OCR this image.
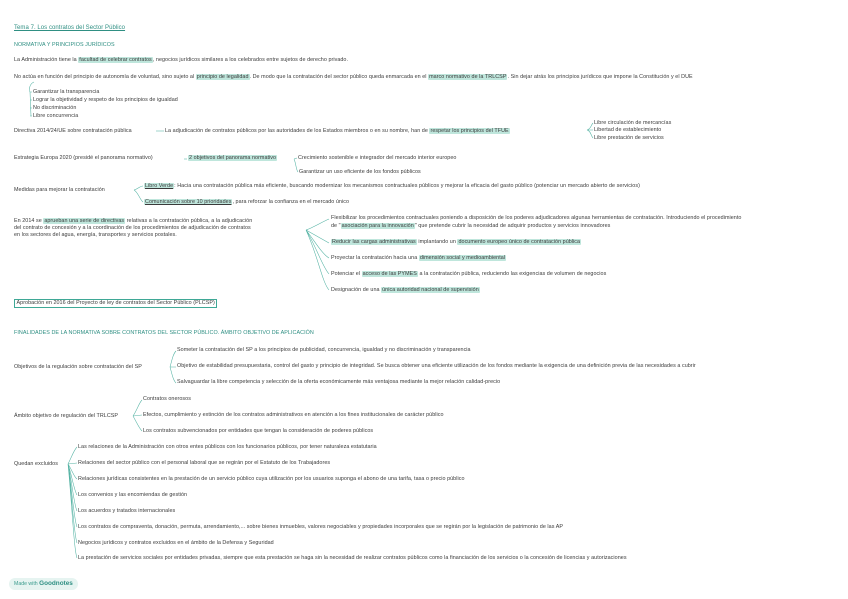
Tema 7. Los contratos del Sector Público
NORMATIVA Y PRINCIPIOS JURÍDICOS
La Administración tiene la facultad de celebrar contratos, negocios jurídicos similares a los celebrados entre sujetos de derecho privado.
No actúa en función del principio de autonomía de voluntad, sino sujeto al principio de legalidad. De modo que la contratación del sector público queda enmarcada en el marco normativo de la TRLCSP. Sin dejar atrás los principios jurídicos que impone la Constitución y el DUE
Garantizar la transparencia
Lograr la objetividad y respeto de los principios de igualdad
No discriminación
Libre concurrencia
Directiva 2014/24/UE sobre contratación pública	La adjudicación de contratos públicos por las autoridades de los Estados miembros o en su nombre, han de respetar los principios del TFUE
Libre circulación de mercancías
Libertad de establecimiento
Libre prestación de servicios
Estrategia Europa 2020 (presidé el panorama normativo)	2 objetivos del panorama normativo	Crecimiento sostenible e integrador del mercado interior europeo
Garantizar un uso eficiente de los fondos públicos
Medidas para mejorar la contratación
Libro Verde: Hacia una contratación pública más eficiente, buscando modernizar los mecanismos contractuales públicos y mejorar la eficacia del gasto público (potenciar un mercado abierto de servicios)
Comunicación sobre 10 prioridades, para reforzar la confianza en el mercado único
En 2014 se aprueban una serie de directivas relativas a la contratación pública, a la adjudicación
del contrato de concesión y a la coordinación de los procedimientos de adjudicación de contratos
en los sectores del agua, energía, transportes y servicios postales.
Flexibilizar los procedimientos contractuales poniendo a disposición de los poderes adjudicadores algunas herramientas de contratación. Introduciendo el procedimiento
de "asociación para la innovación" que pretende cubrir la necesidad de adquirir productos y servicios innovadores
Reducir las cargas administrativas implantando un documento europeo único de contratación pública
Proyectar la contratación hacia una dimensión social y medioambiental
Potenciar el acceso de las PYMES a la contratación pública, reduciendo las exigencias de volumen de negocios
Designación de una única autoridad nacional de supervisión
Aprobación en 2016 del Proyecto de ley de contratos del Sector Público (PLCSP)
FINALIDADES DE LA NORMATIVA SOBRE CONTRATOS DEL SECTOR PÚBLICO. ÁMBITO OBJETIVO DE APLICACIÓN
Objetivos de la regulación sobre contratación del SP
Someter la contratación del SP a los principios de publicidad, concurrencia, igualdad y no discriminación y transparencia
Objetivo de estabilidad presupuestaria, control del gasto y principio de integridad. Se busca obtener una eficiente utilización de los fondos mediante la exigencia de una definición previa de las necesidades a cubrir
Salvaguardar la libre competencia y selección de la oferta económicamente más ventajosa mediante la mejor relación calidad-precio
Ámbito objetivo de regulación del TRLCSP
Contratos onerosos
Efectos, cumplimiento y extinción de los contratos administrativos en atención a los fines institucionales de carácter público
Los contratos subvencionados por entidades que tengan la consideración de poderes públicos
Quedan excluidos
Las relaciones de la Administración con otros entes públicos con los funcionarios públicos, por tener naturaleza estatutaria
Relaciones del sector público con el personal laboral que se regirán por el Estatuto de los Trabajadores
Relaciones jurídicas consistentes en la prestación de un servicio público cuya utilización por los usuarios suponga el abono de una tarifa, tasa o precio público
Los convenios y las encomiendas de gestión
Los acuerdos y tratados internacionales
Los contratos de compraventa, donación, permuta, arrendamiento,... sobre bienes inmuebles, valores negociables y propiedades incorporales que se regirán por la legislación de patrimonio de las AP
Negocios jurídicos y contratos excluidos en el ámbito de la Defensa y Seguridad
La prestación de servicios sociales por entidades privadas, siempre que esta prestación se haga sin la necesidad de realizar contratos públicos como la financiación de los servicios o la concesión de licencias y autorizaciones
Made with Goodnotes
